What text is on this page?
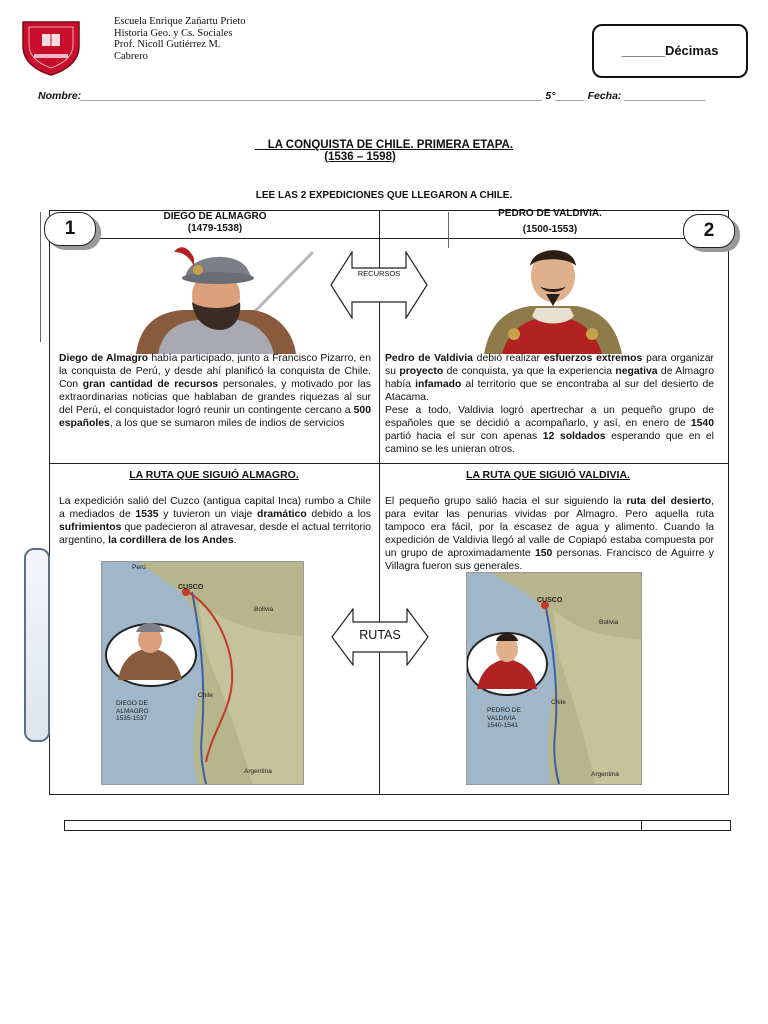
Escuela Enrique Zañartu Prieto
Historia Geo. y Cs. Sociales
Prof. Nicoll Gutiérrez M.
Cabrero	______Décimas
Nombre:_______________________________________________________________________________ 5°_____ Fecha: ______________
__LA CONQUISTA DE CHILE. PRIMERA ETAPA.
(1536 – 1598)
LEE LAS 2 EXPEDICIONES QUE LLEGARON A CHILE.
1	2
DIEGO DE ALMAGRO
(1479-1538)
PEDRO DE VALDIVIA.
(1500-1553)
RECURSOS
RUTAS
Diego de Almagro había participado, junto a Francisco Pizarro, en la conquista de Perú, y desde ahí planificó la conquista de Chile. Con gran cantidad de recursos personales, y motivado por las extraordinarias noticias que hablaban de grandes riquezas al sur del Perú, el conquistador logró reunir un contingente cercano a 500 españoles, a los que se sumaron miles de indios de servicios
Pedro de Valdivia debió realizar esfuerzos extremos para organizar su proyecto de conquista, ya que la experiencia negativa de Almagro había infamado al territorio que se encontraba al sur del desierto de Atacama.
Pese a todo, Valdivia logró apertrechar a un pequeño grupo de españoles que se decidió a acompañarlo, y así, en enero de 1540 partió hacia el sur con apenas 12 soldados esperando que en el camino se les unieran otros.
LA RUTA QUE SIGUIÓ ALMAGRO.	LA RUTA QUE SIGUIÓ VALDIVIA.
La expedición salió del Cuzco (antigua capital Inca) rumbo a Chile a mediados de 1535 y tuvieron un viaje dramático debido a los sufrimientos que padecieron al atravesar, desde el actual territorio argentino, la cordillera de los Andes.
El pequeño grupo salió hacia el sur siguiendo la ruta del desierto, para evitar las penurias vividas por Almagro. Pero aquella ruta tampoco era fácil, por la escasez de agua y alimento. Cuando la expedición de Valdivia llegó al valle de Copiapó estaba compuesta por un grupo de aproximadamente 150 personas. Francisco de Aguirre y Villagra fueron sus generales.
CUSCO
Perú
Bolivia
Chile
Argentina
DIEGO DE
ALMAGRO
1535-1537
CUSCO
Bolivia
Chile
Argentina
PEDRO DE
VALDIVIA
1540-1541
